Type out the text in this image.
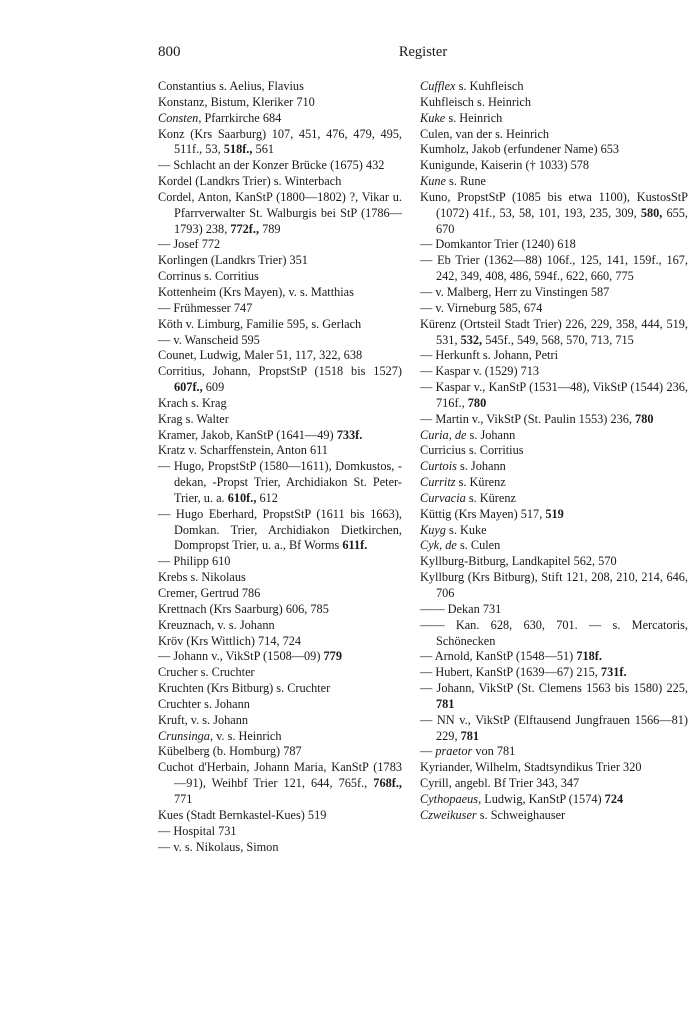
800	Register

Constantius s. Aelius, Flavius

Konstanz, Bistum, Kleriker 710

Consten, Pfarrkirche 684

Konz (Krs Saarburg) 107, 451, 476, 479, 495, 511f., 53, 518f., 561

— Schlacht an der Konzer Brücke (1675) 432

Kordel (Landkrs Trier) s. Winterbach

Cordel, Anton, KanStP (1800—1802) ?, Vikar u. Pfarrverwalter St. Walburgis bei StP (1786—1793) 238, 772f., 789

— Josef 772

Korlingen (Landkrs Trier) 351

Corrinus s. Corritius

Kottenheim (Krs Mayen), v. s. Matthias

— Frühmesser 747

Köth v. Limburg, Familie 595, s. Gerlach

— v. Wanscheid 595

Counet, Ludwig, Maler 51, 117, 322, 638

Corritius, Johann, PropstStP (1518 bis 1527) 607f., 609

Krach s. Krag

Krag s. Walter

Kramer, Jakob, KanStP (1641—49) 733f.

Kratz v. Scharffenstein, Anton 611

— Hugo, PropstStP (1580—1611), Domkustos, -dekan, -Propst Trier, Archidiakon St. Peter-Trier, u. a. 610f., 612

— Hugo Eberhard, PropstStP (1611 bis 1663), Domkan. Trier, Archidiakon Dietkirchen, Dompropst Trier, u. a., Bf Worms 611f.

— Philipp 610

Krebs s. Nikolaus

Cremer, Gertrud 786

Krettnach (Krs Saarburg) 606, 785

Kreuznach, v. s. Johann

Kröv (Krs Wittlich) 714, 724

— Johann v., VikStP (1508—09) 779

Crucher s. Cruchter

Kruchten (Krs Bitburg) s. Cruchter

Cruchter s. Johann

Kruft, v. s. Johann

Crunsinga, v. s. Heinrich

Kübelberg (b. Homburg) 787

Cuchot d'Herbain, Johann Maria, KanStP (1783—91), Weihbf Trier 121, 644, 765f., 768f., 771

Kues (Stadt Bernkastel-Kues) 519

— Hospital 731

— v. s. Nikolaus, Simon

Cufflex s. Kuhfleisch

Kuhfleisch s. Heinrich

Kuke s. Heinrich

Culen, van der s. Heinrich

Kumholz, Jakob (erfundener Name) 653

Kunigunde, Kaiserin († 1033) 578

Kune s. Rune

Kuno, PropstStP (1085 bis etwa 1100), KustosStP (1072) 41f., 53, 58, 101, 193, 235, 309, 580, 655, 670

— Domkantor Trier (1240) 618

— Eb Trier (1362—88) 106f., 125, 141, 159f., 167, 242, 349, 408, 486, 594f., 622, 660, 775

— v. Malberg, Herr zu Vinstingen 587

— v. Virneburg 585, 674

Kürenz (Ortsteil Stadt Trier) 226, 229, 358, 444, 519, 531, 532, 545f., 549, 568, 570, 713, 715

— Herkunft s. Johann, Petri

— Kaspar v. (1529) 713

— Kaspar v., KanStP (1531—48), VikStP (1544) 236, 716f., 780

— Martin v., VikStP (St. Paulin 1553) 236, 780

Curia, de s. Johann

Curricius s. Corritius

Curtois s. Johann

Curritz s. Kürenz

Curvacia s. Kürenz

Küttig (Krs Mayen) 517, 519

Kuyg s. Kuke

Cyk, de s. Culen

Kyllburg-Bitburg, Landkapitel 562, 570

Kyllburg (Krs Bitburg), Stift 121, 208, 210, 214, 646, 706

—— Dekan 731

—— Kan. 628, 630, 701. — s. Mercatoris, Schönecken

— Arnold, KanStP (1548—51) 718f.

— Hubert, KanStP (1639—67) 215, 731f.

— Johann, VikStP (St. Clemens 1563 bis 1580) 225, 781

— NN v., VikStP (Elftausend Jungfrauen 1566—81) 229, 781

— praetor von 781

Kyriander, Wilhelm, Stadtsyndikus Trier 320

Cyrill, angebl. Bf Trier 343, 347

Cythopaeus, Ludwig, KanStP (1574) 724

Czweikuser s. Schweighauser
